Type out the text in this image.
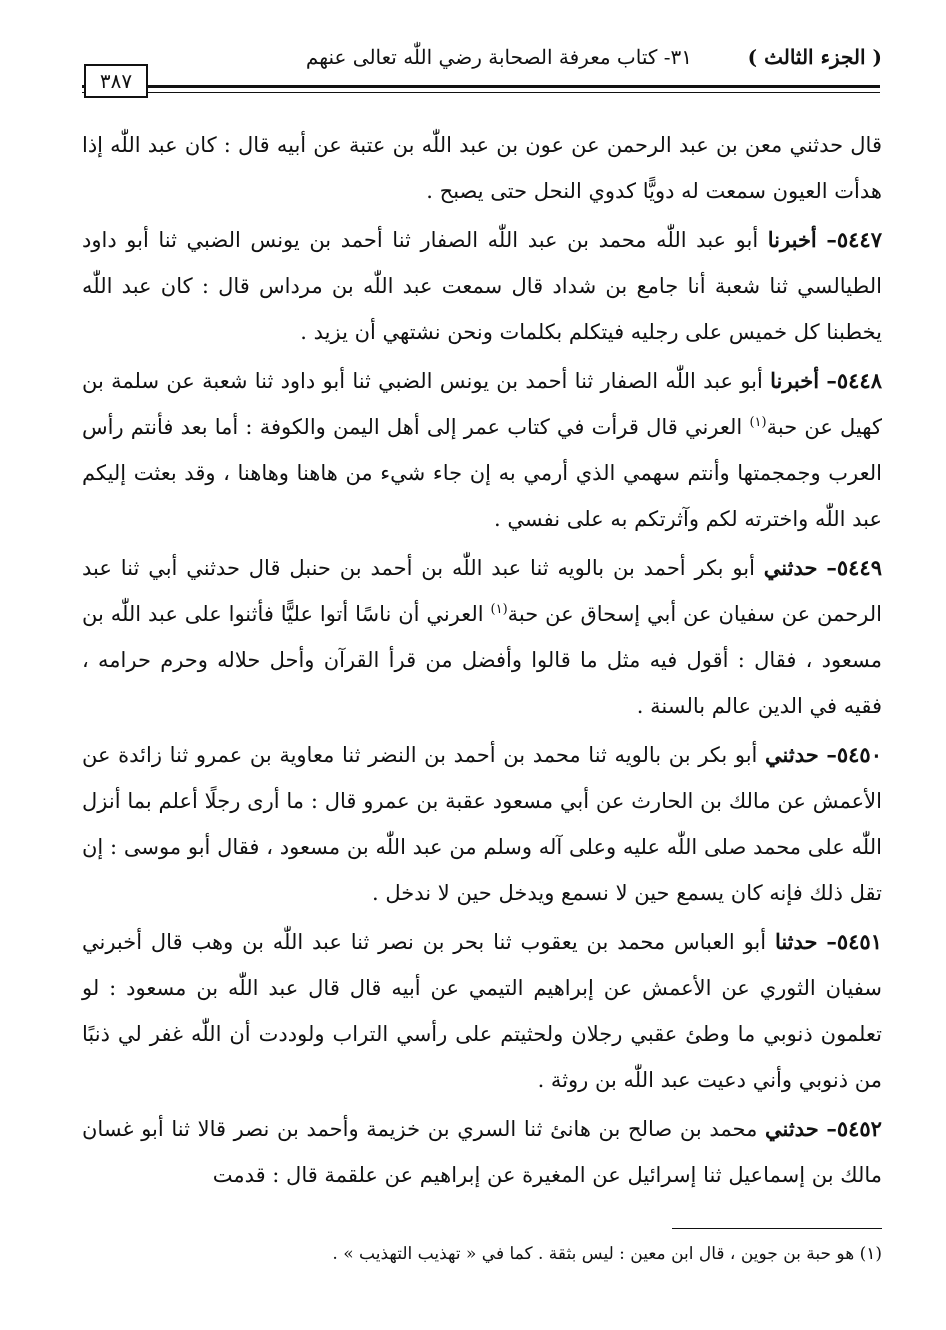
( الجزء الثالث )
٣١- كتاب معرفة الصحابة رضي اللّٰه تعالى عنهم
٣٨٧

قال حدثني معن بن عبد الرحمن عن عون بن عبد اللّٰه بن عتبة عن أبيه قال : كان عبد اللّٰه إذا هدأت العيون سمعت له دويًّا كدوي النحل حتى يصبح .

٥٤٤٧– أخبرنا أبو عبد اللّٰه محمد بن عبد اللّٰه الصفار ثنا أحمد بن يونس الضبي ثنا أبو داود الطيالسي ثنا شعبة أنا جامع بن شداد قال سمعت عبد اللّٰه بن مرداس قال : كان عبد اللّٰه يخطبنا كل خميس على رجليه فيتكلم بكلمات ونحن نشتهي أن يزيد .

٥٤٤٨– أخبرنا أبو عبد اللّٰه الصفار ثنا أحمد بن يونس الضبي ثنا أبو داود ثنا شعبة عن سلمة بن كهيل عن حبة$^{(١)}$ العرني قال قرأت في كتاب عمر إلى أهل اليمن والكوفة : أما بعد فأنتم رأس العرب وجمجمتها وأنتم سهمي الذي أرمي به إن جاء شيء من هاهنا وهاهنا ، وقد بعثت إليكم عبد اللّٰه واخترته لكم وآثرتكم به على نفسي .

٥٤٤٩– حدثني أبو بكر أحمد بن بالويه ثنا عبد اللّٰه بن أحمد بن حنبل قال حدثني أبي ثنا عبد الرحمن عن سفيان عن أبي إسحاق عن حبة$^{(١)}$ العرني أن ناسًا أتوا عليًّا فأثنوا على عبد اللّٰه بن مسعود ، فقال : أقول فيه مثل ما قالوا وأفضل من قرأ القرآن وأحل حلاله وحرم حرامه ، فقيه في الدين عالم بالسنة .

٥٤٥٠– حدثني أبو بكر بن بالويه ثنا محمد بن أحمد بن النضر ثنا معاوية بن عمرو ثنا زائدة عن الأعمش عن مالك بن الحارث عن أبي مسعود عقبة بن عمرو قال : ما أرى رجلًا أعلم بما أنزل اللّٰه على محمد صلى اللّٰه عليه وعلى آله وسلم من عبد اللّٰه بن مسعود ، فقال أبو موسى : إن تقل ذلك فإنه كان يسمع حين لا نسمع ويدخل حين لا ندخل .

٥٤٥١– حدثنا أبو العباس محمد بن يعقوب ثنا بحر بن نصر ثنا عبد اللّٰه بن وهب قال أخبرني سفيان الثوري عن الأعمش عن إبراهيم التيمي عن أبيه قال قال عبد اللّٰه بن مسعود : لو تعلمون ذنوبي ما وطئ عقبي رجلان ولحثيتم على رأسي التراب ولوددت أن اللّٰه غفر لي ذنبًا من ذنوبي وأني دعيت عبد اللّٰه بن روثة .

٥٤٥٢– حدثني محمد بن صالح بن هانئ ثنا السري بن خزيمة وأحمد بن نصر قالا ثنا أبو غسان مالك بن إسماعيل ثنا إسرائيل عن المغيرة عن إبراهيم عن علقمة قال : قدمت

(١) هو حبة بن جوين ، قال ابن معين : ليس بثقة . كما في « تهذيب التهذيب » .
